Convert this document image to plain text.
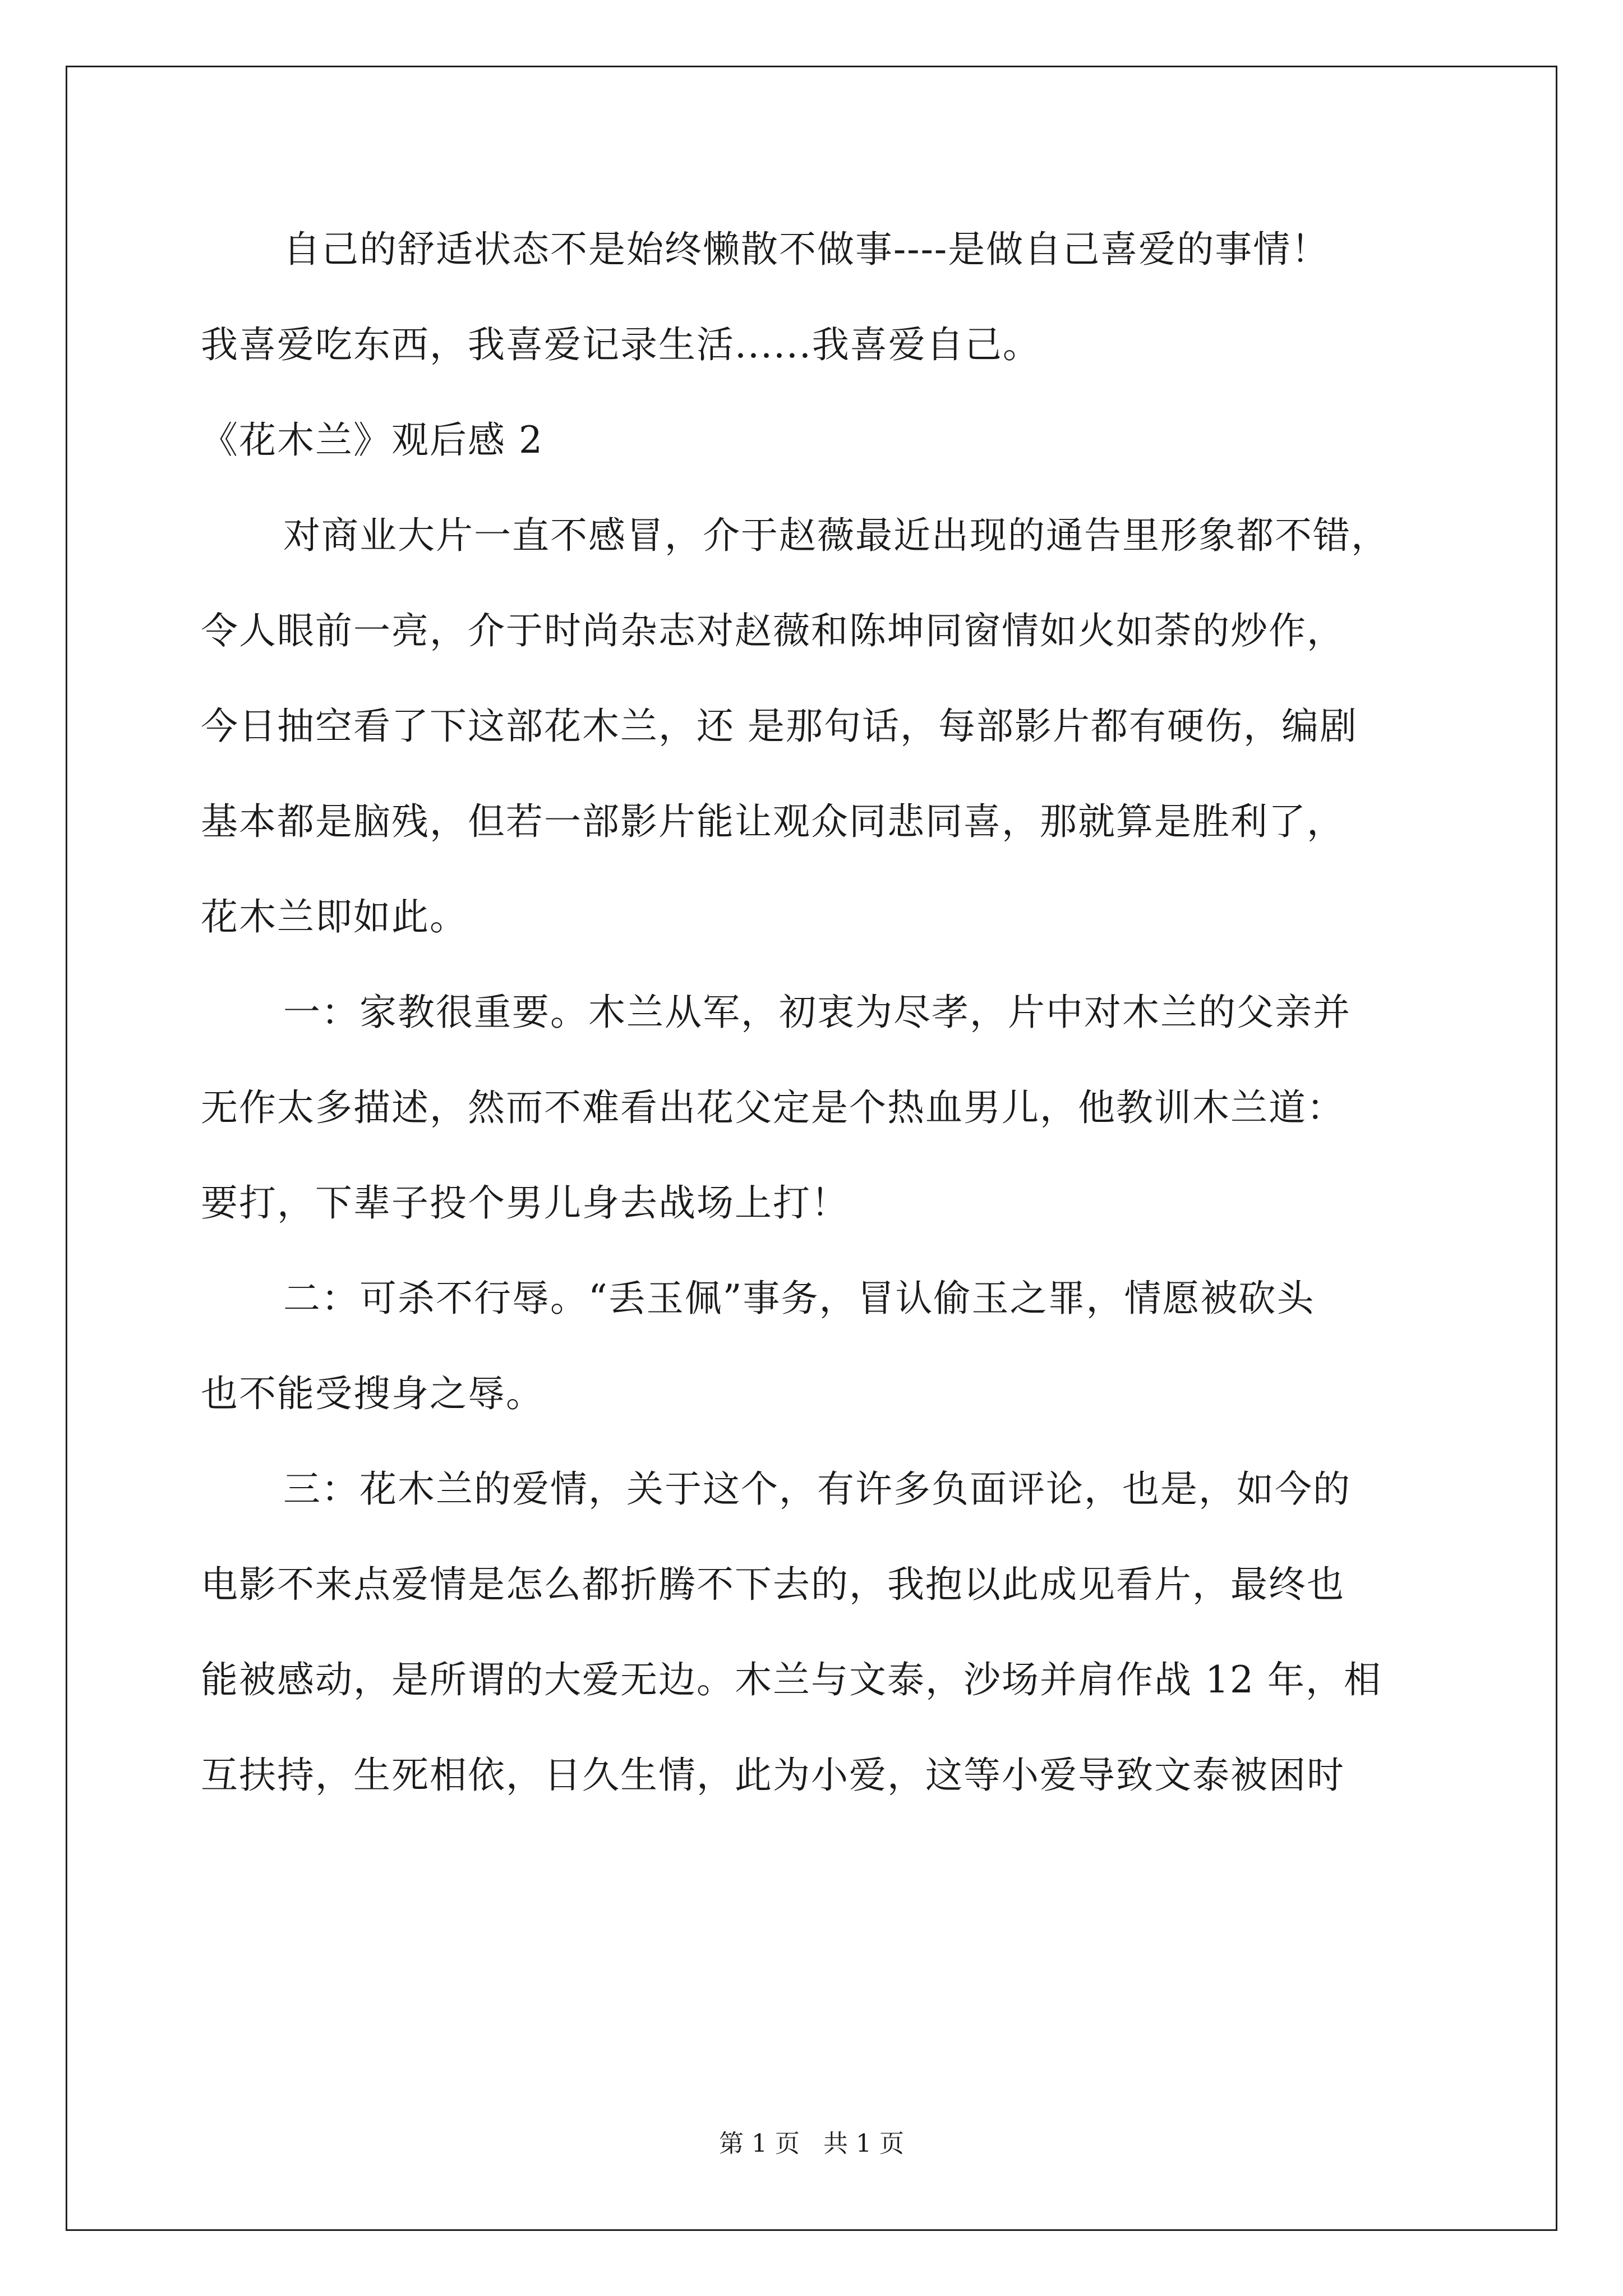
自己的舒适状态不是始终懒散不做事----是做自己喜爱的事情！
我喜爱吃东西，我喜爱记录生活......我喜爱自己。
《花木兰》观后感 2
对商业大片一直不感冒，介于赵薇最近出现的通告里形象都不错，
令人眼前一亮，介于时尚杂志对赵薇和陈坤同窗情如火如荼的炒作，
今日抽空看了下这部花木兰，还 是那句话，每部影片都有硬伤，编剧
基本都是脑残，但若一部影片能让观众同悲同喜，那就算是胜利了，
花木兰即如此。
一：家教很重要。木兰从军，初衷为尽孝，片中对木兰的父亲并
无作太多描述，然而不难看出花父定是个热血男儿，他教训木兰道：
要打，下辈子投个男儿身去战场上打！
二：可杀不行辱。“丢玉佩”事务，冒认偷玉之罪，情愿被砍头
也不能受搜身之辱。
三：花木兰的爱情，关于这个，有许多负面评论，也是，如今的
电影不来点爱情是怎么都折腾不下去的，我抱以此成见看片，最终也
能被感动，是所谓的大爱无边。木兰与文泰，沙场并肩作战 12 年，相
互扶持，生死相依，日久生情，此为小爱，这等小爱导致文泰被困时
第 1 页   共 1 页
